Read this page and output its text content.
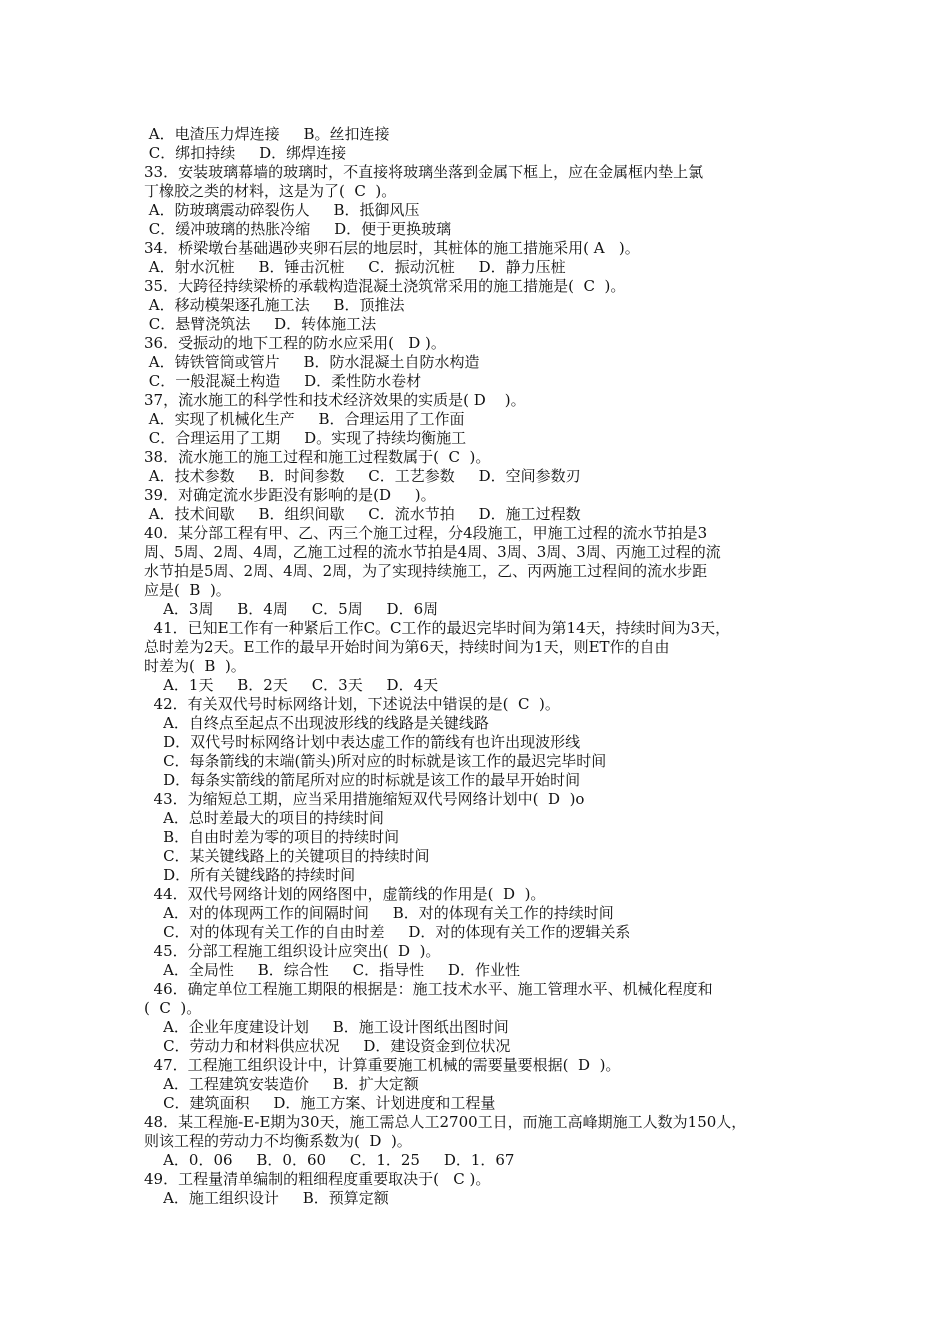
A．电渣压力焊连接     B。丝扣连接
C．绑扣持续     D．绑焊连接
33．安装玻璃幕墙的玻璃时，不直接将玻璃坐落到金属下框上，应在金属框内垫上氯
丁橡胶之类的材料，这是为了(  C  )。
A．防玻璃震动碎裂伤人     B．抵御风压
C．缓冲玻璃的热胀冷缩     D．便于更换玻璃
34．桥梁墩台基础遇砂夹卵石层的地层时，其桩体的施工措施采用( A   )。
A．射水沉桩     B．锤击沉桩     C．振动沉桩     D．静力压桩
35．大跨径持续梁桥的承载构造混凝土浇筑常采用的施工措施是(  C  )。
A．移动模架逐孔施工法     B．顶推法
C．悬臂浇筑法     D．转体施工法
36．受振动的地下工程的防水应采用(   D )。
A．铸铁管筒或管片     B．防水混凝土自防水构造
C．一般混凝土构造     D．柔性防水卷材
37，流水施工的科学性和技术经济效果的实质是( D    )。
A．实现了机械化生产     B．合理运用了工作面
C．合理运用了工期     D。实现了持续均衡施工
38．流水施工的施工过程和施工过程数属于(  C  )。
A．技术参数     B．时间参数     C．工艺参数     D．空间参数刃
39．对确定流水步距没有影响的是(D     )。
A．技术间歇     B．组织间歇     C．流水节拍     D．施工过程数
40．某分部工程有甲、乙、丙三个施工过程，分4段施工，甲施工过程的流水节拍是3
周、5周、2周、4周，乙施工过程的流水节拍是4周、3周、3周、3周、丙施工过程的流
水节拍是5周、2周、4周、2周，为了实现持续施工，乙、丙两施工过程间的流水步距
应是(  B  )。
A．3周     B．4周     C．5周     D．6周
41．已知E工作有一种紧后工作C。C工作的最迟完毕时间为第14天，持续时间为3天，
总时差为2天。E工作的最早开始时间为第6天，持续时间为1天，则ET作的自由
时差为(  B  )。
A．1天     B．2天     C．3天     D．4天
42．有关双代号时标网络计划，下述说法中错误的是(  C  )。
A．自终点至起点不出现波形线的线路是关键线路
D．双代号时标网络计划中表达虚工作的箭线有也许出现波形线
C．每条箭线的末端(箭头)所对应的时标就是该工作的最迟完毕时间
D．每条实箭线的箭尾所对应的时标就是该工作的最早开始时间
43．为缩短总工期，应当采用措施缩短双代号网络计划中(  D  )o
A．总时差最大的项目的持续时间
B．自由时差为零的项目的持续时间
C．某关键线路上的关键项目的持续时间
D．所有关键线路的持续时间
44．双代号网络计划的网络图中，虚箭线的作用是(  D  )。
A．对的体现两工作的间隔时间     B．对的体现有关工作的持续时间
C．对的体现有关工作的自由时差     D．对的体现有关工作的逻辑关系
45．分部工程施工组织设计应突出(  D  )。
A．全局性     B．综合性     C．指导性     D．作业性
46．确定单位工程施工期限的根据是：施工技术水平、施工管理水平、机械化程度和
(  C  )。
A．企业年度建设计划     B．施工设计图纸出图时间
C．劳动力和材料供应状况     D．建设资金到位状况
47．工程施工组织设计中，计算重要施工机械的需要量要根据(  D  )。
A．工程建筑安装造价     B．扩大定额
C．建筑面积     D．施工方案、计划进度和工程量
48．某工程施-E-E期为30天，施工需总人工2700工日，而施工高峰期施工人数为150人，
则该工程的劳动力不均衡系数为(  D  )。
A．0．06     B．0．60     C．1．25     D．1．67
49．工程量清单编制的粗细程度重要取决于(   C )。
A．施工组织设计     B．预算定额
